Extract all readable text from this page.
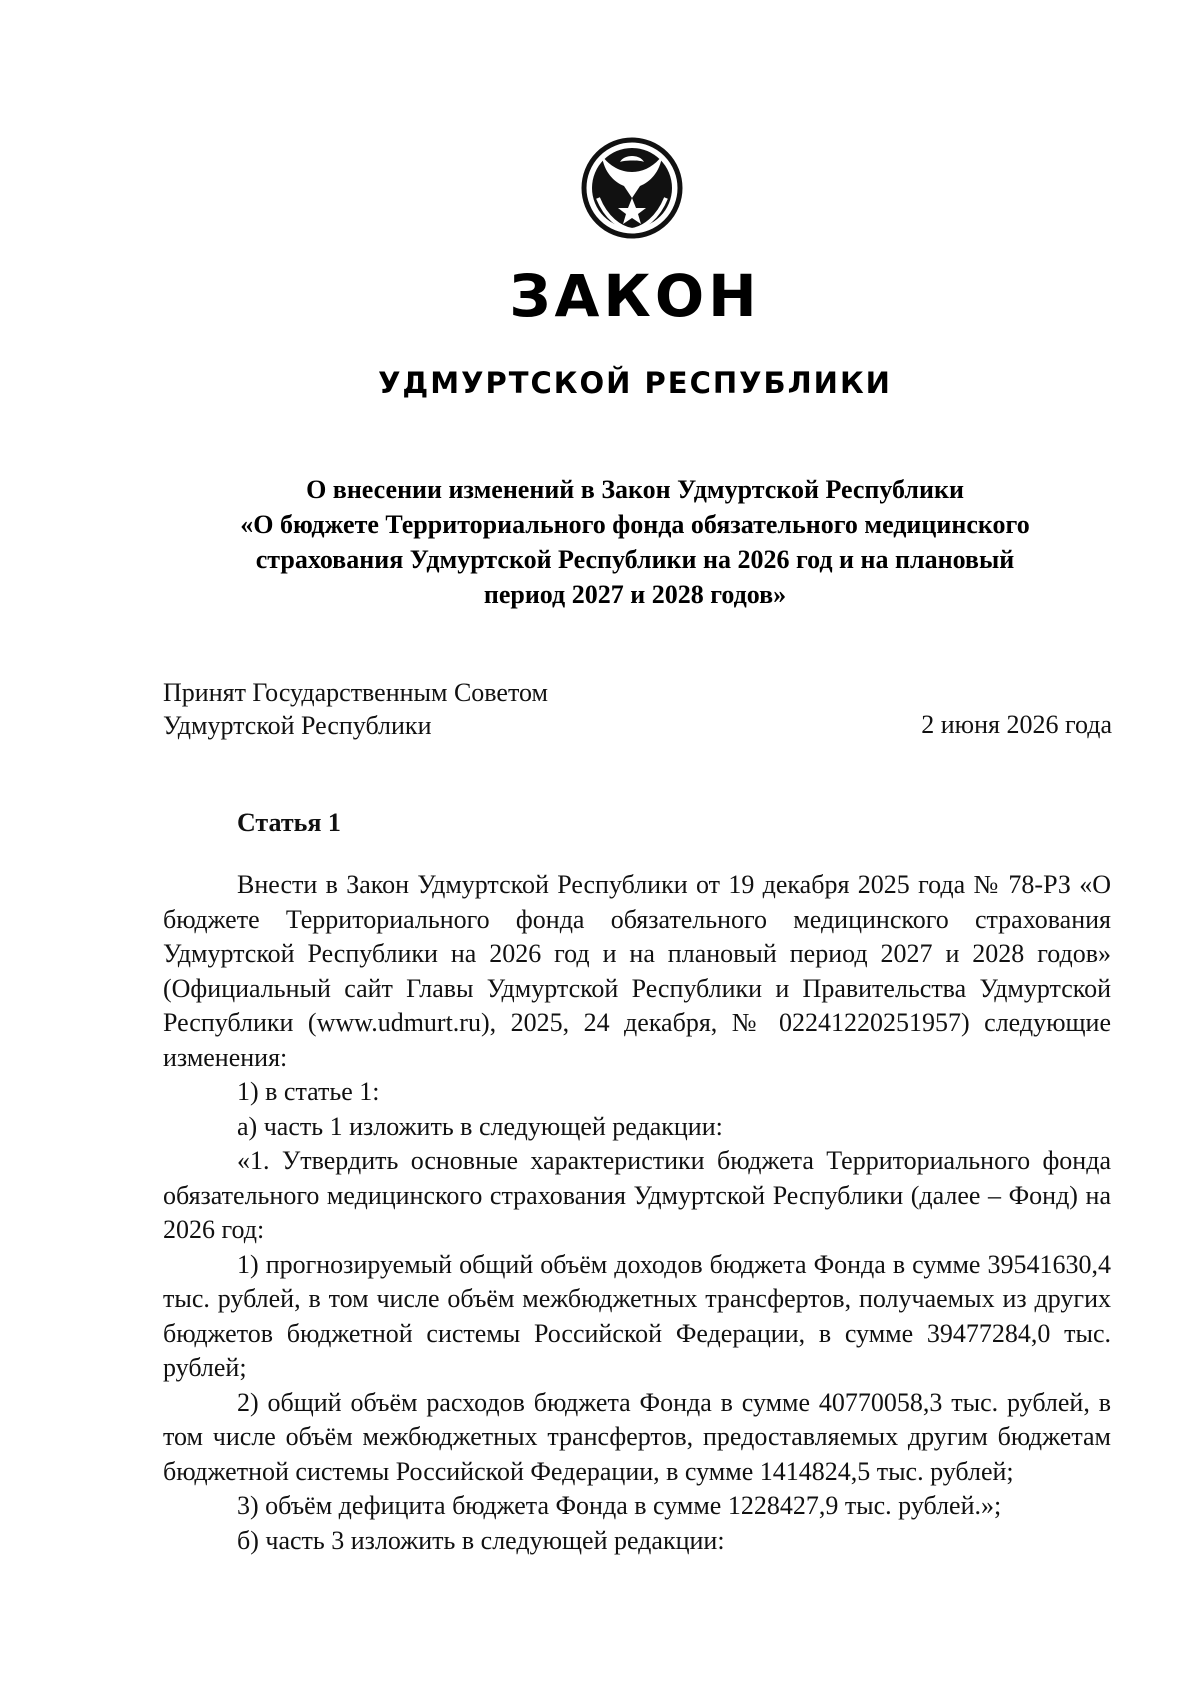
ЗАКОН
УДМУРТСКОЙ РЕСПУБЛИКИ
О внесении изменений в Закон Удмуртской Республики
«О бюджете Территориального фонда обязательного медицинского
страхования Удмуртской Республики на 2026 год и на плановый
период 2027 и 2028 годов»
Принят Государственным Советом
Удмуртской Республики	2 июня 2026 года
Статья 1

Внести в Закон Удмуртской Республики от 19 декабря 2025 года № 78-РЗ «О бюджете Территориального фонда обязательного медицинского страхования Удмуртской Республики на 2026 год и на плановый период 2027 и 2028 годов» (Официальный сайт Главы Удмуртской Республики и Правительства Удмуртской Республики (www.udmurt.ru), 2025, 24 декабря, № 02241220251957) следующие изменения:

1) в статье 1:

а) часть 1 изложить в следующей редакции:

«1. Утвердить основные характеристики бюджета Территориального фонда обязательного медицинского страхования Удмуртской Республики (далее – Фонд) на 2026 год:

1) прогнозируемый общий объём доходов бюджета Фонда в сумме 39541630,4 тыс. рублей, в том числе объём межбюджетных трансфертов, получаемых из других бюджетов бюджетной системы Российской Федерации, в сумме 39477284,0 тыс. рублей;

2) общий объём расходов бюджета Фонда в сумме 40770058,3 тыс. рублей, в том числе объём межбюджетных трансфертов, предоставляемых другим бюджетам бюджетной системы Российской Федерации, в сумме 1414824,5 тыс. рублей;

3) объём дефицита бюджета Фонда в сумме 1228427,9 тыс. рублей.»;

б) часть 3 изложить в следующей редакции:
